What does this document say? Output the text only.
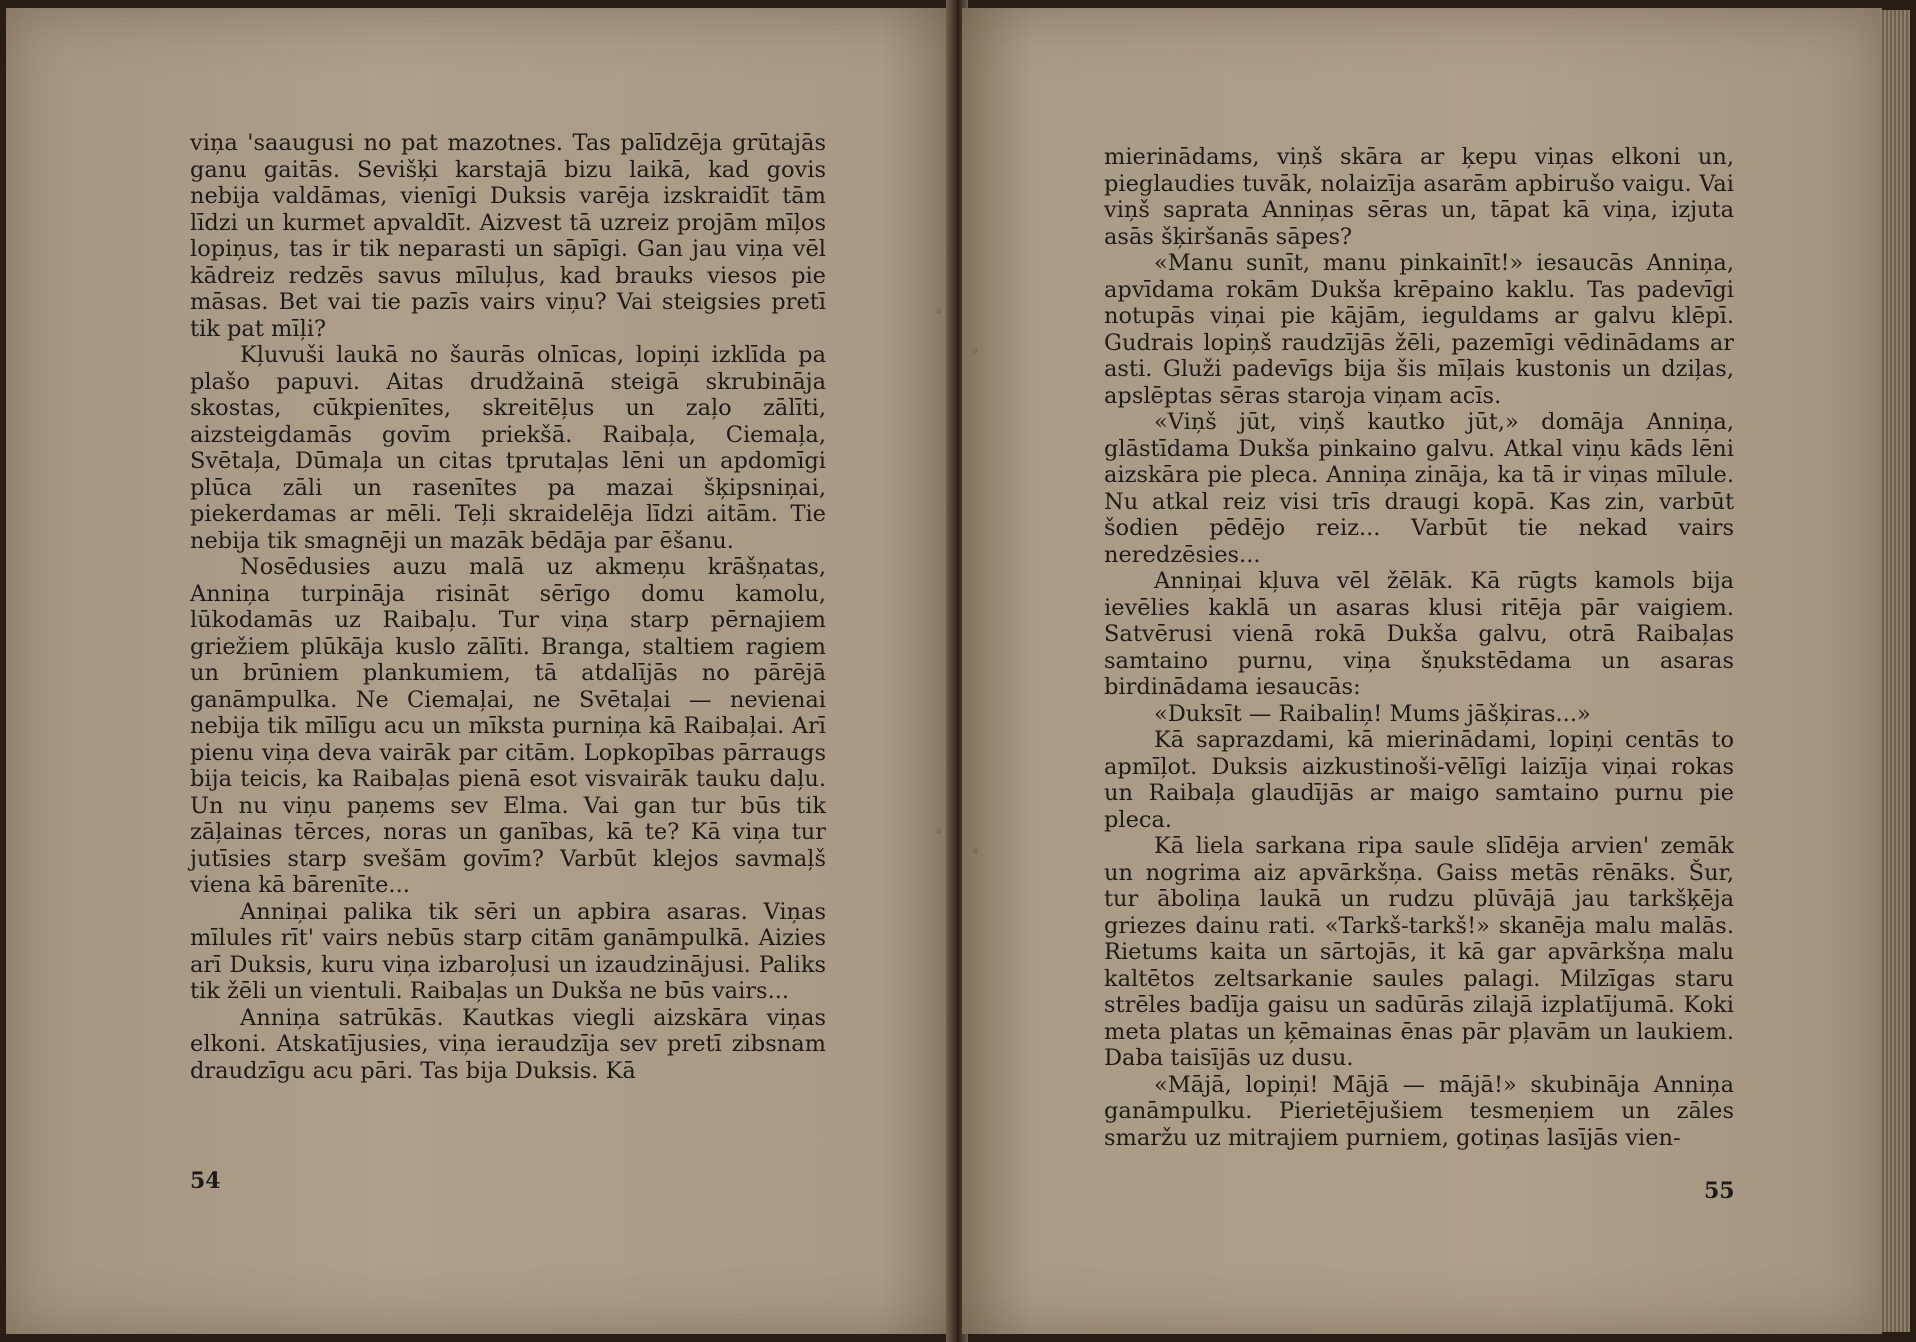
viņa 'saaugusi no pat mazotnes. Tas palīdzēja grūtajās ganu gaitās. Sevišķi karstajā bizu laikā, kad govis nebija valdāmas, vienīgi Duksis varēja izskraidīt tām līdzi un kurmet apvaldīt. Aizvest tā uzreiz projām mīļos lopiņus, tas ir tik neparasti un sāpīgi. Gan jau viņa vēl kādreiz redzēs savus mīluļus, kad brauks viesos pie māsas. Bet vai tie pazīs vairs viņu? Vai steigsies pretī tik pat mīļi?

Kļuvuši laukā no šaurās olnīcas, lopiņi izklīda pa plašo papuvi. Aitas drudžainā steigā skrubināja skostas, cūkpienītes, skreitēļus un zaļo zālīti, aizsteigdamās govīm priekšā. Raibaļa, Ciemaļa, Svētaļa, Dūmaļa un citas tprutaļas lēni un apdomīgi plūca zāli un rasenītes pa mazai šķipsniņai, piekerdamas ar mēli. Teļi skraidelēja līdzi aitām. Tie nebija tik smagnēji un mazāk bēdāja par ēšanu.

Nosēdusies auzu malā uz akmeņu krāšņatas, Anniņa turpināja risināt sērīgo domu kamolu, lūkodamās uz Raibaļu. Tur viņa starp pērnajiem griežiem plūkāja kuslo zālīti. Branga, staltiem ragiem un brūniem plankumiem, tā atdalījās no pārējā ganāmpulka. Ne Ciemaļai, ne Svētaļai — nevienai nebija tik mīlīgu acu un mīksta purniņa kā Raibaļai. Arī pienu viņa deva vairāk par citām. Lopkopības pārraugs bija teicis, ka Raibaļas pienā esot visvairāk tauku daļu. Un nu viņu paņems sev Elma. Vai gan tur būs tik zāļainas tērces, noras un ganības, kā te? Kā viņa tur jutīsies starp svešām govīm? Varbūt klejos savmaļš viena kā bārenīte...

Anniņai palika tik sēri un apbira asaras. Viņas mīlules rīt' vairs nebūs starp citām ganāmpulkā. Aizies arī Duksis, kuru viņa izbaroļusi un izaudzinājusi. Paliks tik žēli un vientuli. Raibaļas un Dukša ne būs vairs...

Anniņa satrūkās. Kautkas viegli aizskāra viņas elkoni. Atskatījusies, viņa ieraudzīja sev pretī zibsnam draudzīgu acu pāri. Tas bija Duksis. Kā

54

mierinādams, viņš skāra ar ķepu viņas elkoni un, pieglaudies tuvāk, nolaizīja asarām apbirušo vaigu. Vai viņš saprata Anniņas sēras un, tāpat kā viņa, izjuta asās šķiršanās sāpes?

«Manu sunīt, manu pinkainīt!» iesaucās Anniņa, apvīdama rokām Dukša krēpaino kaklu. Tas padevīgi notupās viņai pie kājām, ieguldams ar galvu klēpī. Gudrais lopiņš raudzījās žēli, pazemīgi vēdinādams ar asti. Gluži padevīgs bija šis mīļais kustonis un dziļas, apslēptas sēras staroja viņam acīs.

«Viņš jūt, viņš kautko jūt,» domāja Anniņa, glāstīdama Dukša pinkaino galvu. Atkal viņu kāds lēni aizskāra pie pleca. Anniņa zināja, ka tā ir viņas mīlule. Nu atkal reiz visi trīs draugi kopā. Kas zin, varbūt šodien pēdējo reiz... Varbūt tie nekad vairs neredzēsies...

Anniņai kļuva vēl žēlāk. Kā rūgts kamols bija ievēlies kaklā un asaras klusi ritēja pār vaigiem. Satvērusi vienā rokā Dukša galvu, otrā Raibaļas samtaino purnu, viņa šņukstēdama un asaras birdinādama iesaucās:

«Duksīt — Raibaliņ! Mums jāšķiras...»

Kā saprazdami, kā mierinādami, lopiņi centās to apmīļot. Duksis aizkustinoši-vēlīgi laizīja viņai rokas un Raibaļa glaudījās ar maigo samtaino purnu pie pleca.

Kā liela sarkana ripa saule slīdēja arvien' zemāk un nogrima aiz apvārkšņa. Gaiss metās rēnāks. Šur, tur āboliņa laukā un rudzu plūvājā jau tarkšķēja griezes dainu rati. «Tarkš-tarkš!» skanēja malu malās. Rietums kaita un sārtojās, it kā gar apvārkšņa malu kaltētos zeltsarkanie saules palagi. Milzīgas staru strēles badīja gaisu un sadūrās zilajā izplatījumā. Koki meta platas un ķēmainas ēnas pār pļavām un laukiem. Daba taisījās uz dusu.

«Mājā, lopiņi! Mājā — mājā!» skubināja Anniņa ganāmpulku. Pierietējušiem tesmeņiem un zāles smaržu uz mitrajiem purniem, gotiņas lasījās vien-

55
